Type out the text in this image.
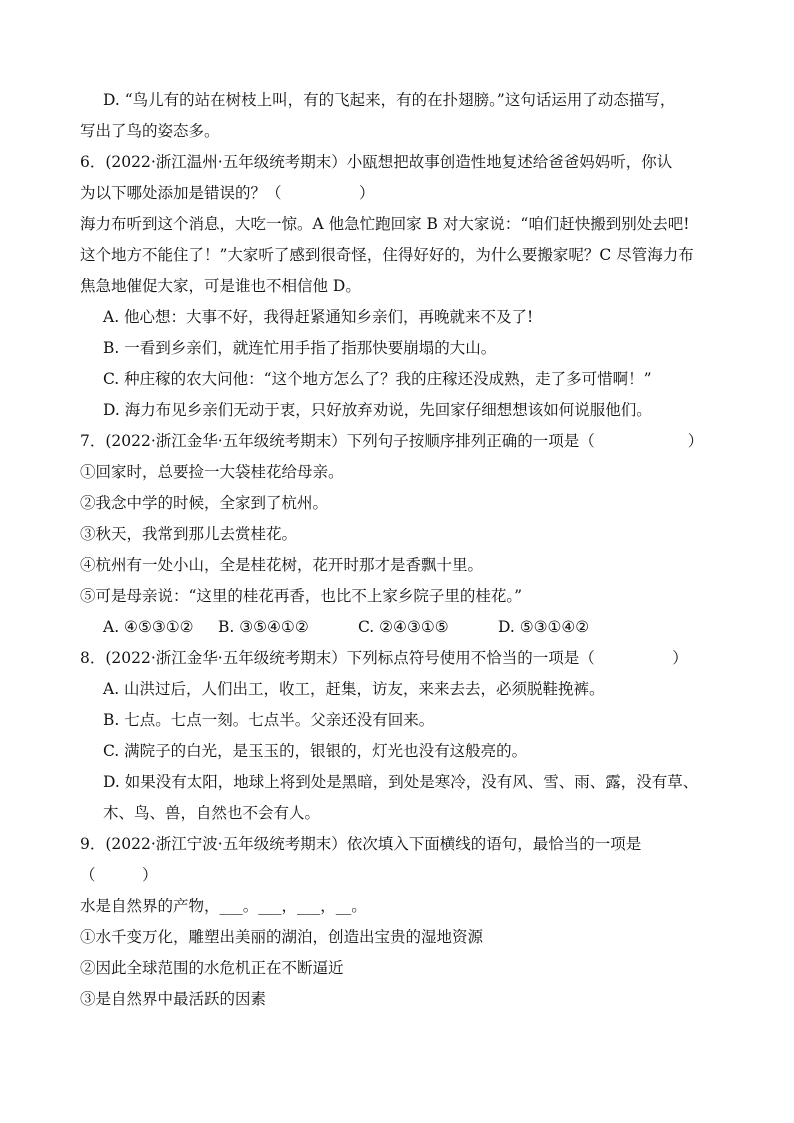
D. “鸟儿有的站在树枝上叫，有的飞起来，有的在扑翅膀。”这句话运用了动态描写，
写出了鸟的姿态多。
6．(2022·浙江温州·五年级统考期末）小瓯想把故事创造性地复述给爸爸妈妈听，你认
为以下哪处添加是错误的？（　　　　　）
海力布听到这个消息，大吃一惊。A 他急忙跑回家 B 对大家说：“咱们赶快搬到别处去吧!
这个地方不能住了！”大家听了感到很奇怪，住得好好的，为什么要搬家呢？C 尽管海力布
焦急地催促大家，可是谁也不相信他 D。
A. 他心想：大事不好，我得赶紧通知乡亲们，再晚就来不及了!
B. 一看到乡亲们，就连忙用手指了指那快要崩塌的大山。
C. 种庄稼的农大问他：“这个地方怎么了？我的庄稼还没成熟，走了多可惜啊！”
D. 海力布见乡亲们无动于衷，只好放弃劝说，先回家仔细想想该如何说服他们。
7．(2022·浙江金华·五年级统考期末）下列句子按顺序排列正确的一项是（　　　　　　）
①回家时，总要捡一大袋桂花给母亲。
②我念中学的时候，全家到了杭州。
③秋天，我常到那儿去赏桂花。
④杭州有一处小山，全是桂花树，花开时那才是香飘十里。
⑤可是母亲说：“这里的桂花再香，也比不上家乡院子里的桂花。”
A. ④⑤③①② B. ③⑤④①②	C. ②④③①⑤	D. ⑤③①④②
8．(2022·浙江金华·五年级统考期末）下列标点符号使用不恰当的一项是（　　　　　）
A. 山洪过后，人们出工，收工，赶集，访友，来来去去，必须脱鞋挽裤。
B. 七点。七点一刻。七点半。父亲还没有回来。
C. 满院子的白光，是玉玉的，银银的，灯光也没有这般亮的。
D. 如果没有太阳，地球上将到处是黑暗，到处是寒冷，没有风、雪、雨、露，没有草、
木、鸟、兽，自然也不会有人。
9．(2022·浙江宁波·五年级统考期末）依次填入下面横线的语句，最恰当的一项是
（　　　）
水是自然界的产物，___。___，___，__。
①水千变万化，雕塑出美丽的湖泊，创造出宝贵的湿地资源
②因此全球范围的水危机正在不断逼近
③是自然界中最活跃的因素
